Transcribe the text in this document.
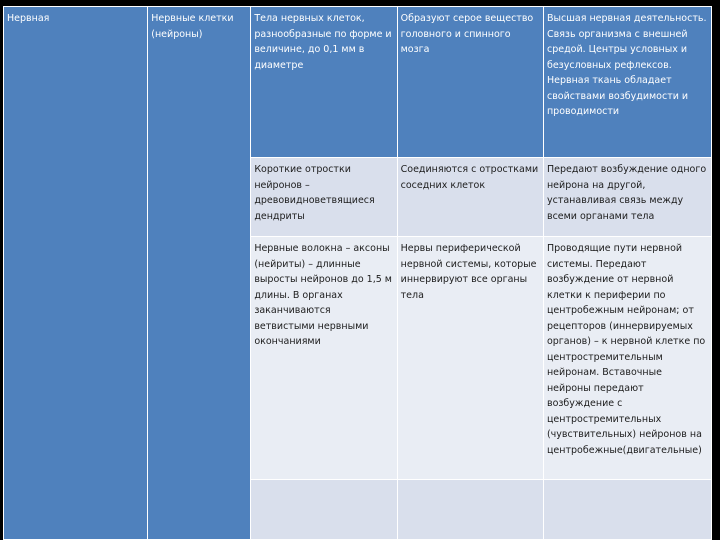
Нервная	Нервные клетки (нейроны)	Тела нервных клеток, разнообразные по форме и величине, до 0,1 мм в диаметре	Образуют серое вещество головного и спинного мозга	Высшая нервная деятельность. Связь организма с внешней средой. Центры условных и безусловных рефлексов. Нервная ткань обладает свойствами возбудимости и проводимости
		Короткие отростки нейронов – древовидноветвящиеся дендриты	Соединяются с отростками соседних клеток	Передают возбуждение одного нейрона на другой, устанавливая связь между всеми органами тела
		Нервные волокна – аксоны (нейриты) – длинные выросты нейронов до 1,5 м длины. В органах заканчиваются ветвистыми нервными окончаниями	Нервы периферической нервной системы, которые иннервируют все органы тела	Проводящие пути нервной системы. Передают возбуждение от нервной клетки к периферии по центробежным нейронам; от рецепторов (иннервируемых органов) – к нервной клетке по центростремительным нейронам. Вставочные нейроны передают возбуждение с центростремительных (чувствительных) нейронов на центробежные(двигательные)
